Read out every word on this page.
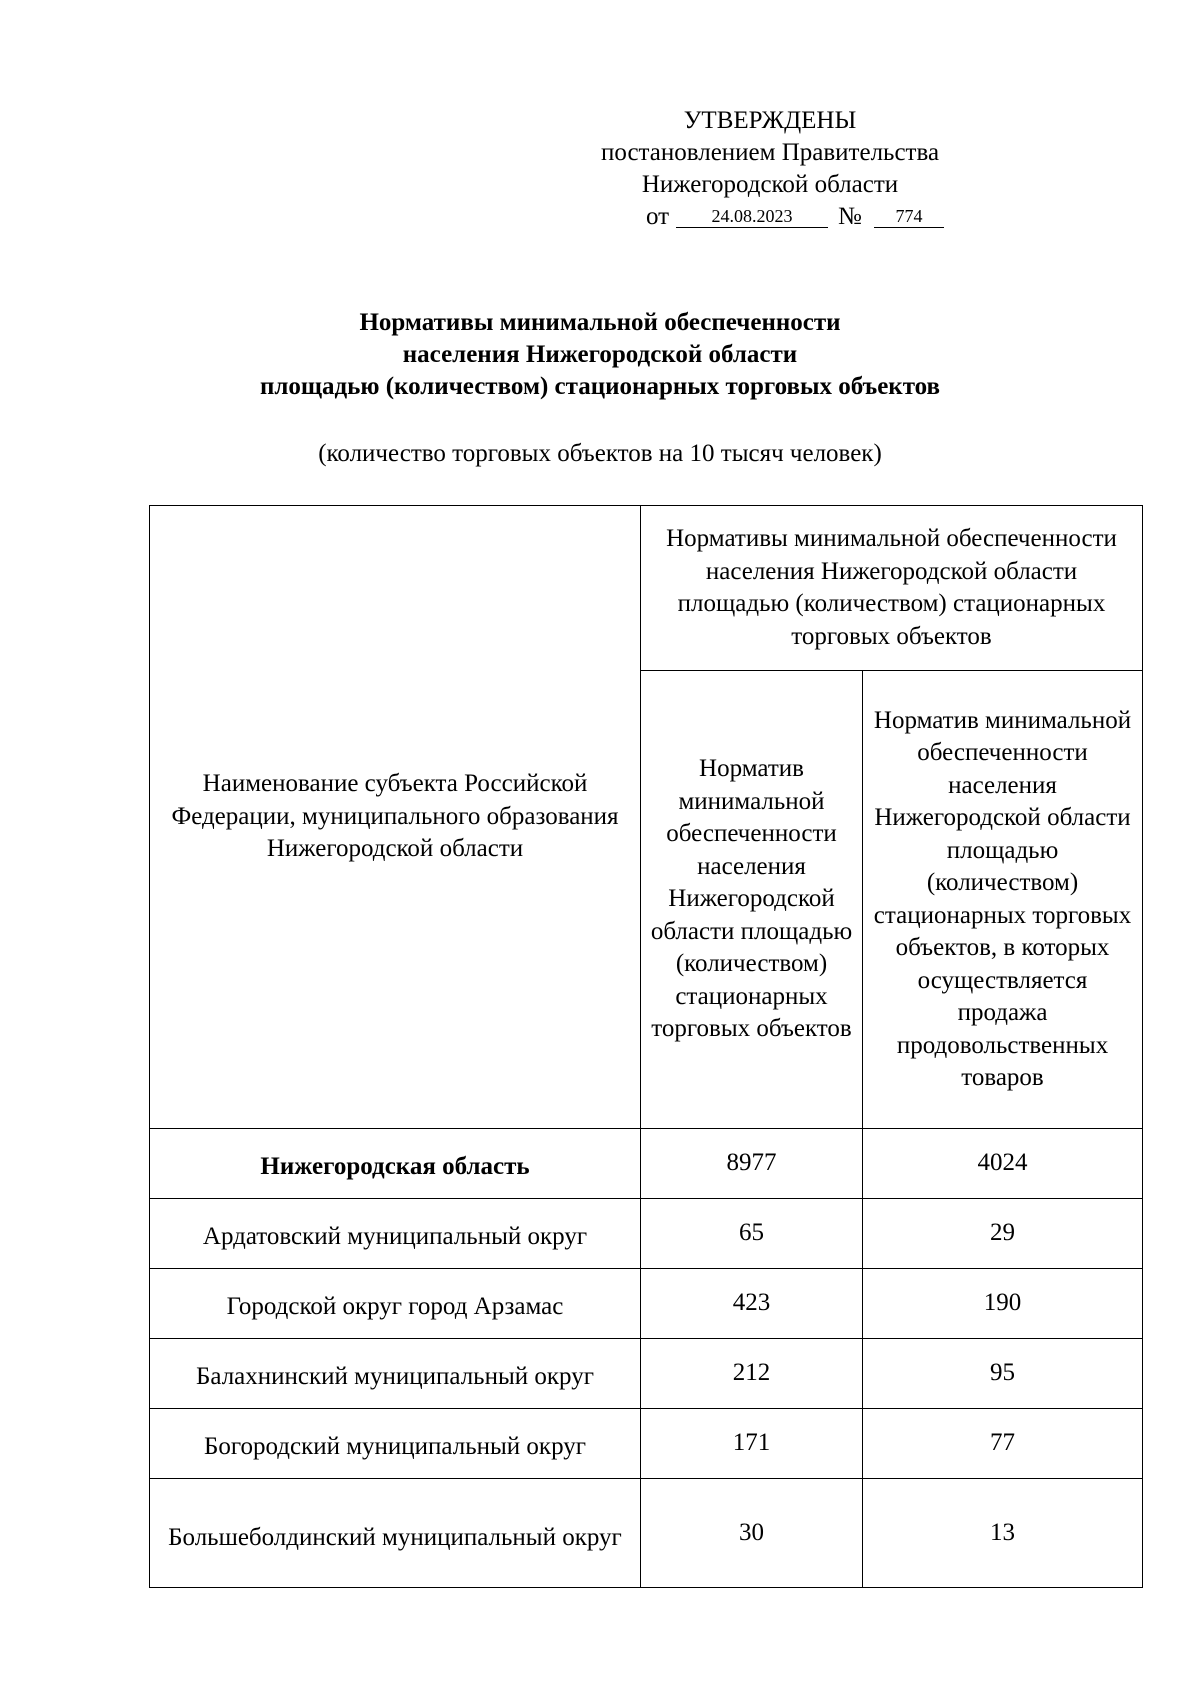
УТВЕРЖДЕНЫ
постановлением Правительства
Нижегородской области
от	24.08.2023	№	774
Нормативы минимальной обеспеченности
населения Нижегородской области
площадью (количеством) стационарных торговых объектов
(количество торговых объектов на 10 тысяч человек)
Наименование субъекта Российской Федерации, муниципального образования Нижегородской области	Нормативы минимальной обеспеченности населения Нижегородской области площадью (количеством) стационарных торговых объектов	
	Норматив минимальной обеспеченности населения Нижегородской области площадью (количеством) стационарных торговых объектов	Норматив минимальной обеспеченности населения Нижегородской области площадью (количеством) стационарных торговых объектов, в которых осуществляется продажа продовольственных товаров
Нижегородская область	8977	4024
Ардатовский муниципальный округ	65	29
Городской округ город Арзамас	423	190
Балахнинский муниципальный округ	212	95
Богородский муниципальный округ	171	77
Большеболдинский муниципальный округ	30	13
